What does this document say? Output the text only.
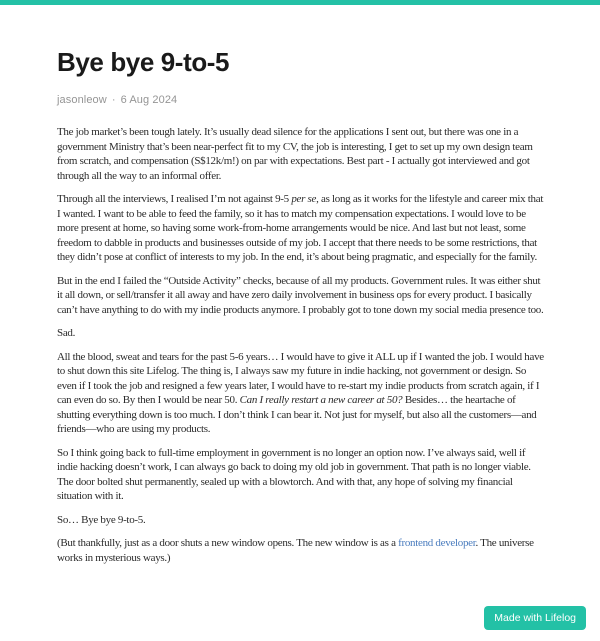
Bye bye 9-to-5
jasonleow · 6 Aug 2024

The job market’s been tough lately. It’s usually dead silence for the applications I sent out, but there was one in a government Ministry that’s been near-perfect fit to my CV, the job is interesting, I get to set up my own design team from scratch, and compensation (S$12k/m!) on par with expectations. Best part - I actually got interviewed and got through all the way to an informal offer.

Through all the interviews, I realised I’m not against 9-5 per se, as long as it works for the lifestyle and career mix that I wanted. I want to be able to feed the family, so it has to match my compensation expectations. I would love to be more present at home, so having some work-from-home arrangements would be nice. And last but not least, some freedom to dabble in products and businesses outside of my job. I accept that there needs to be some restrictions, that they didn’t pose at conflict of interests to my job. In the end, it’s about being pragmatic, and especially for the family.

But in the end I failed the “Outside Activity” checks, because of all my products. Government rules. It was either shut it all down, or sell/transfer it all away and have zero daily involvement in business ops for every product. I basically can’t have anything to do with my indie products anymore. I probably got to tone down my social media presence too.

Sad.

All the blood, sweat and tears for the past 5-6 years… I would have to give it ALL up if I wanted the job. I would have to shut down this site Lifelog. The thing is, I always saw my future in indie hacking, not government or design. So even if I took the job and resigned a few years later, I would have to re-start my indie products from scratch again, if I can even do so. By then I would be near 50. Can I really restart a new career at 50? Besides… the heartache of shutting everything down is too much. I don’t think I can bear it. Not just for myself, but also all the customers—and friends—who are using my products.

So I think going back to full-time employment in government is no longer an option now. I’ve always said, well if indie hacking doesn’t work, I can always go back to doing my old job in government. That path is no longer viable. The door bolted shut permanently, sealed up with a blowtorch. And with that, any hope of solving my financial situation with it.

So… Bye bye 9-to-5.

(But thankfully, just as a door shuts a new window opens. The new window is as a frontend developer. The universe works in mysterious ways.)

Made with Lifelog
